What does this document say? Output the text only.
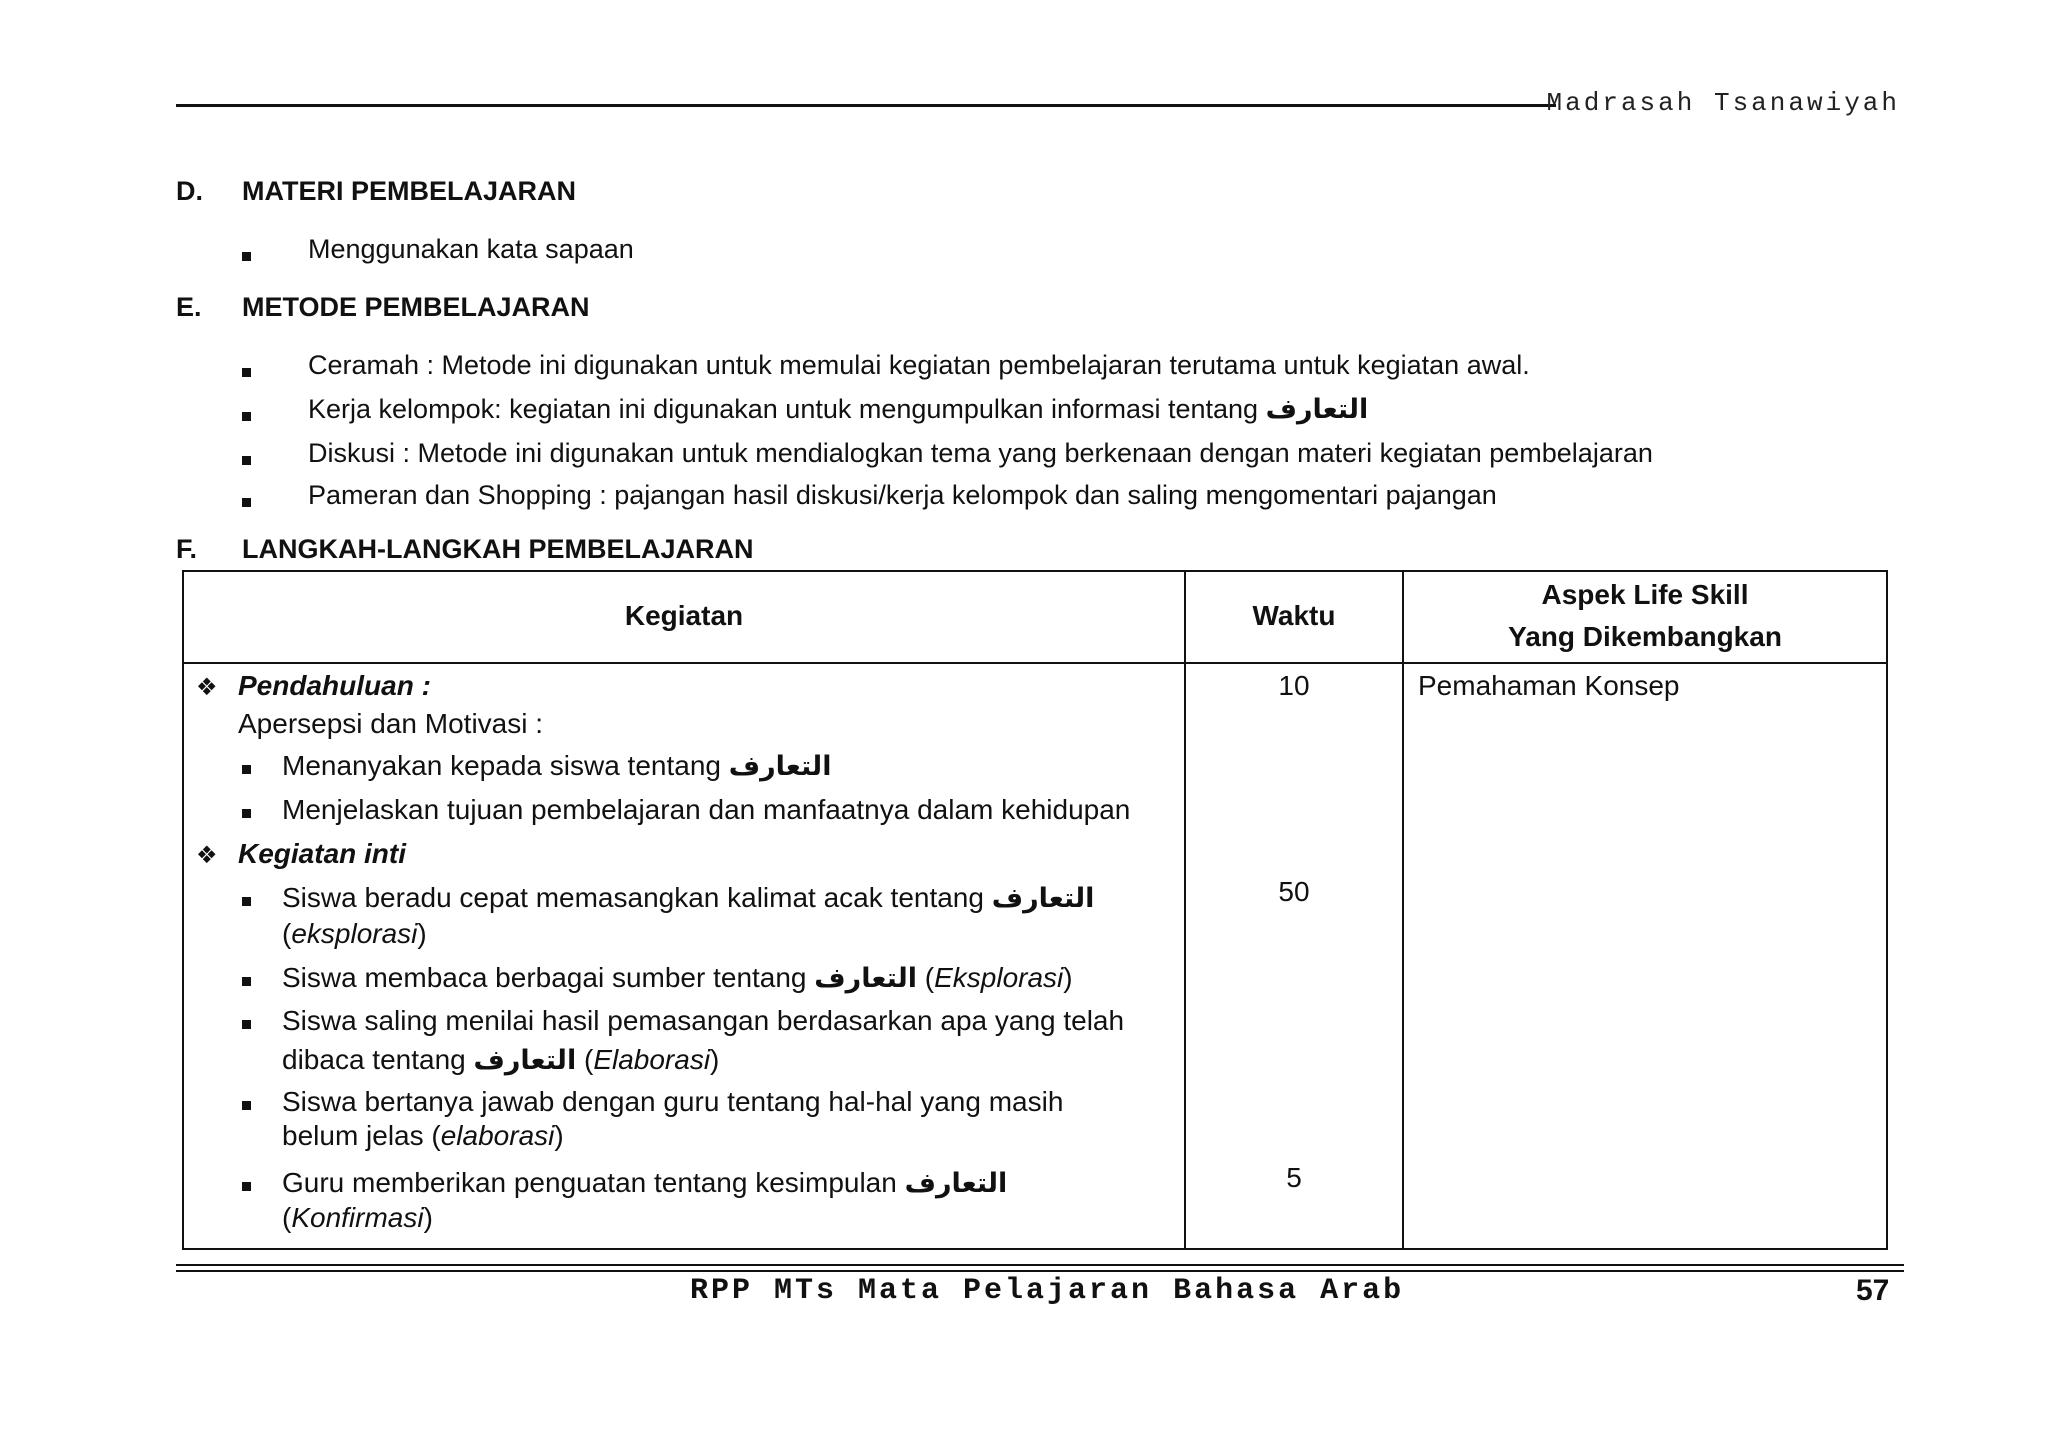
Madrasah Tsanawiyah
D. MATERI PEMBELAJARAN
Menggunakan kata sapaan
E. METODE PEMBELAJARAN
Ceramah : Metode ini digunakan untuk memulai kegiatan pembelajaran terutama untuk kegiatan awal.
Kerja kelompok: kegiatan ini digunakan untuk mengumpulkan informasi tentang التعارف
Diskusi : Metode ini digunakan untuk mendialogkan tema yang berkenaan dengan materi kegiatan pembelajaran
Pameran dan Shopping : pajangan hasil diskusi/kerja kelompok dan saling mengomentari pajangan
F. LANGKAH-LANGKAH PEMBELAJARAN
Kegiatan	Waktu
Aspek Life Skill
Yang Dikembangkan
❖ Pendahuluan :
Apersepsi dan Motivasi :
Menanyakan kepada siswa tentang التعارف
Menjelaskan tujuan pembelajaran dan manfaatnya dalam kehidupan
❖ Kegiatan inti
Siswa beradu cepat memasangkan kalimat acak tentang التعارف
(eksplorasi)
Siswa membaca berbagai sumber tentang التعارف (Eksplorasi)
Siswa saling menilai hasil pemasangan berdasarkan apa yang telah
dibaca tentang التعارف (Elaborasi)
Siswa bertanya jawab dengan guru tentang hal-hal yang masih
belum jelas (elaborasi)
Guru memberikan penguatan tentang kesimpulan التعارف
(Konfirmasi)
10
50
5
Pemahaman Konsep
RPP MTs Mata Pelajaran Bahasa Arab	57
